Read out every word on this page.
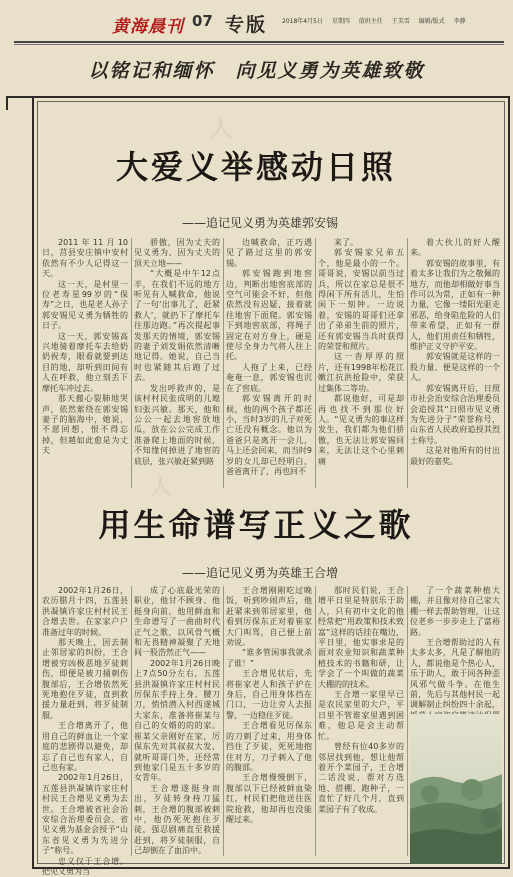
黄海晨刊 07 专版 2018年4月5日 星期四 值班主任 王美雪 编辑/版式 李静
以铭记和缅怀　向见义勇为英雄致敬
人
人
大爱义举感动日照
——追记见义勇为英雄郭安锡

2011年11月10日，莒县安庄镇中安村依然有不少人记得这一天。

这一天，是村里一位老寿星99岁的“保寿”之日，也是老人孙子郭安锡见义勇为牺牲的日子。

这一天，郭安锡高兴地骑着摩托车去给奶奶祝寿，眼看就要到达目的地，却听到田间有人在呼救，他立刻丢下摩托车冲过去。

那天搬心裂肺地哭声，依然萦绕在郭安锡妻子的脑海中，她说，不愿回想，恨不得忘掉，但越如此愈是为丈夫

骄傲，因为丈夫的见义勇为、因为丈夫的顶天立地——

“大概是中午12点半，在我们不远的地方听见有人喊救命，他说了一句‘出事儿了，赶紧救人’，就扔下了摩托车往那边跑。”再次提起事发那天的情境，郭安锡的妻子刘发娟依然清晰地记得。她说，自己当时也紧随其后跑了过去。

发出呼救声的，是该村村民张成明的儿媳妇张兴敏。那天，他和公公一起去地窖放地瓜，放在公公完成工作准备爬上地面的时候，不知缘何掉进了地窖的底层，张兴敏赶紧到路

边喊救命，正巧遇见了路过这里的郭安锡。

郭安锡跑到地窖边，判断出地窖底部的空气可能会不好，但他依然没有迟疑，接着就往地窖下面爬。郭安锡下到地窖底部，将绳子固定在对方身上，硬是使尽全身力气将人往上托。

人拖了上来，已经奄奄一息，郭安锡也沉在了窖底。

郭安锡离开的时候，他的两个孩子都还小，当时3岁的儿子对死亡还没有概念。他以为爸爸只是离开一会儿，马上还会回来，而当时9岁的女儿却已经明白，爸爸离开了，再也回不

来了。

郭安锡家兄弟五个，他是最小的一个。哥哥说，安锡以前当过兵，所以在家总是很不得闲下所有活儿，生怕闲下一刻钟。一边说着，安锡的哥哥们还拿出了弟弟生前的照片，还有郭安锡当兵时获得的荣誉和照片。

这一沓厚厚的照片，还有1998年松花江嫩江抗洪抢险中，荣获过集体二等功。

都说他好，可是却再也找不到那位好人。“见义勇为的事这样发生，我们都为他们骄傲，也无法让郭安锡回来，无法让这个心里刺痛

着大伙儿的好人醒来。

郭安锡的故事里，有着太多让我们为之敬佩的地方，而他却相做好事当作可以为常，正如有一种力量，它像一缕阳光驱走邪恶，给身陷危险的人们带来希望，正如有一群人，他们用责任和牺牲，维护正义守护平安。

郭安锡就是这样的一股力量、便是这样的一个人。

郭安锡离开后，日照市社会治安综合治理委员会追授其“日照市见义勇为先进分子”荣誉称号，山东省人民政府追授其烈士称号。

这是对他所有的付出最好的嘉奖。

用生命谱写正义之歌
——追记见义勇为英雄王合增

2002年1月26日，农历腊月十四，五莲县洪凝镇许家庄村村民王合增去世。在家家户户准备过年的时候。

那天晚上，因去制止邻居家的纠纷，王合增被穷凶极恶地歹徒刺伤，即便是被刀捅刺伤腹部后，王合增依然死死地抱住歹徒，直到救援力量赶到，将歹徒制服。

王合增离开了，他用自己的鲜血让一个家庭的悲剧得以避免，却忘了自己也有家人，自己也有家。

2002年1月26日，五莲县洪凝镇许家庄村村民王合增见义勇为去世。王合增被省社会治安综合治理委员会、省见义勇为基金会授予“山东省见义勇为先进分子”称号。

忠义仅于王合增。把见义勇为当

成了心底最光荣的职业，他甘不顾身、他挺身向前，他用鲜血和生命谱写了一曲曲时代正气之歌，以风骨气概和无畏精神凝聚了天地间一股浩然正气——

2002年1月26日晚上7点50分左右，五莲县洪凝镇许家庄村村民厉保东手持上身、腰刀刀，悄悄潜入村西遂城大家东，准备将崔某与自己的女婿的的的家。崔某父亲刚好在家，厉保东先对其叔叔大发，就听哥哥门外，还经常到他家门是五十多岁的女青年。

王合增遂挺身而出，歹徒转身持刀猛刺，王合增的腹部被刺中，他仍死死抱住歹徒，强忍剧痛直至救援赶到，将歹徒制服，自己却倒在了血泊中。

王合增刚刚吃过晚饭，听到吵闹声后，他赶紧来到邻居家里，他看到厉保东正对着崔家大门叫骂，自己便上前劝说。

“谁多管闲事我就杀了谁！”

王合增见状后，先将崔家老人和孩子护在身后，自己用身体挡在门口，一边让旁人去报警，一边稳住歹徒。

王合增看见厉保东的刀刺了过来，用身体挡住了歹徒，死死地抱住对方，刀子刺入了他的腹部。

王合增慢慢倒下，腹部以下已经被鲜血染红，村民们把他送往医院抢救，他却再也没能醒过来。

那时民们说，王合增平日里是特别乐于助人，只有初中文化的他经常把“用政策和技术致富”这样的话挂在嘴边，平日里，他实事求是的面对农业知识和蔬菜种植技术的书籍和研，让学会了一个叫做的蔬菜大棚的的技术。

王合增一家里早已是农民家里的大户，平日里不管谁家里遇到困难，他总是会主动帮忙。

曾经有位40多岁的邻居找到他，想让他帮着开个菜园子，王合增二话没说，帮对方选地、搭棚、跑种子，一直忙了好几个月，直到菜园子有了收成。

了一个蔬菜种植大棚，并且像对待自己家大棚一样去帮助管理，让这位老乡一步步走上了富裕路。

王合增帮助过的人有太多太多，凡是了解他的人，都说他是个热心人，乐于助人，敢于同各种歪风邪气做斗争。在他生前，先后与其他村民一起调解制止纠纷四十余起，
